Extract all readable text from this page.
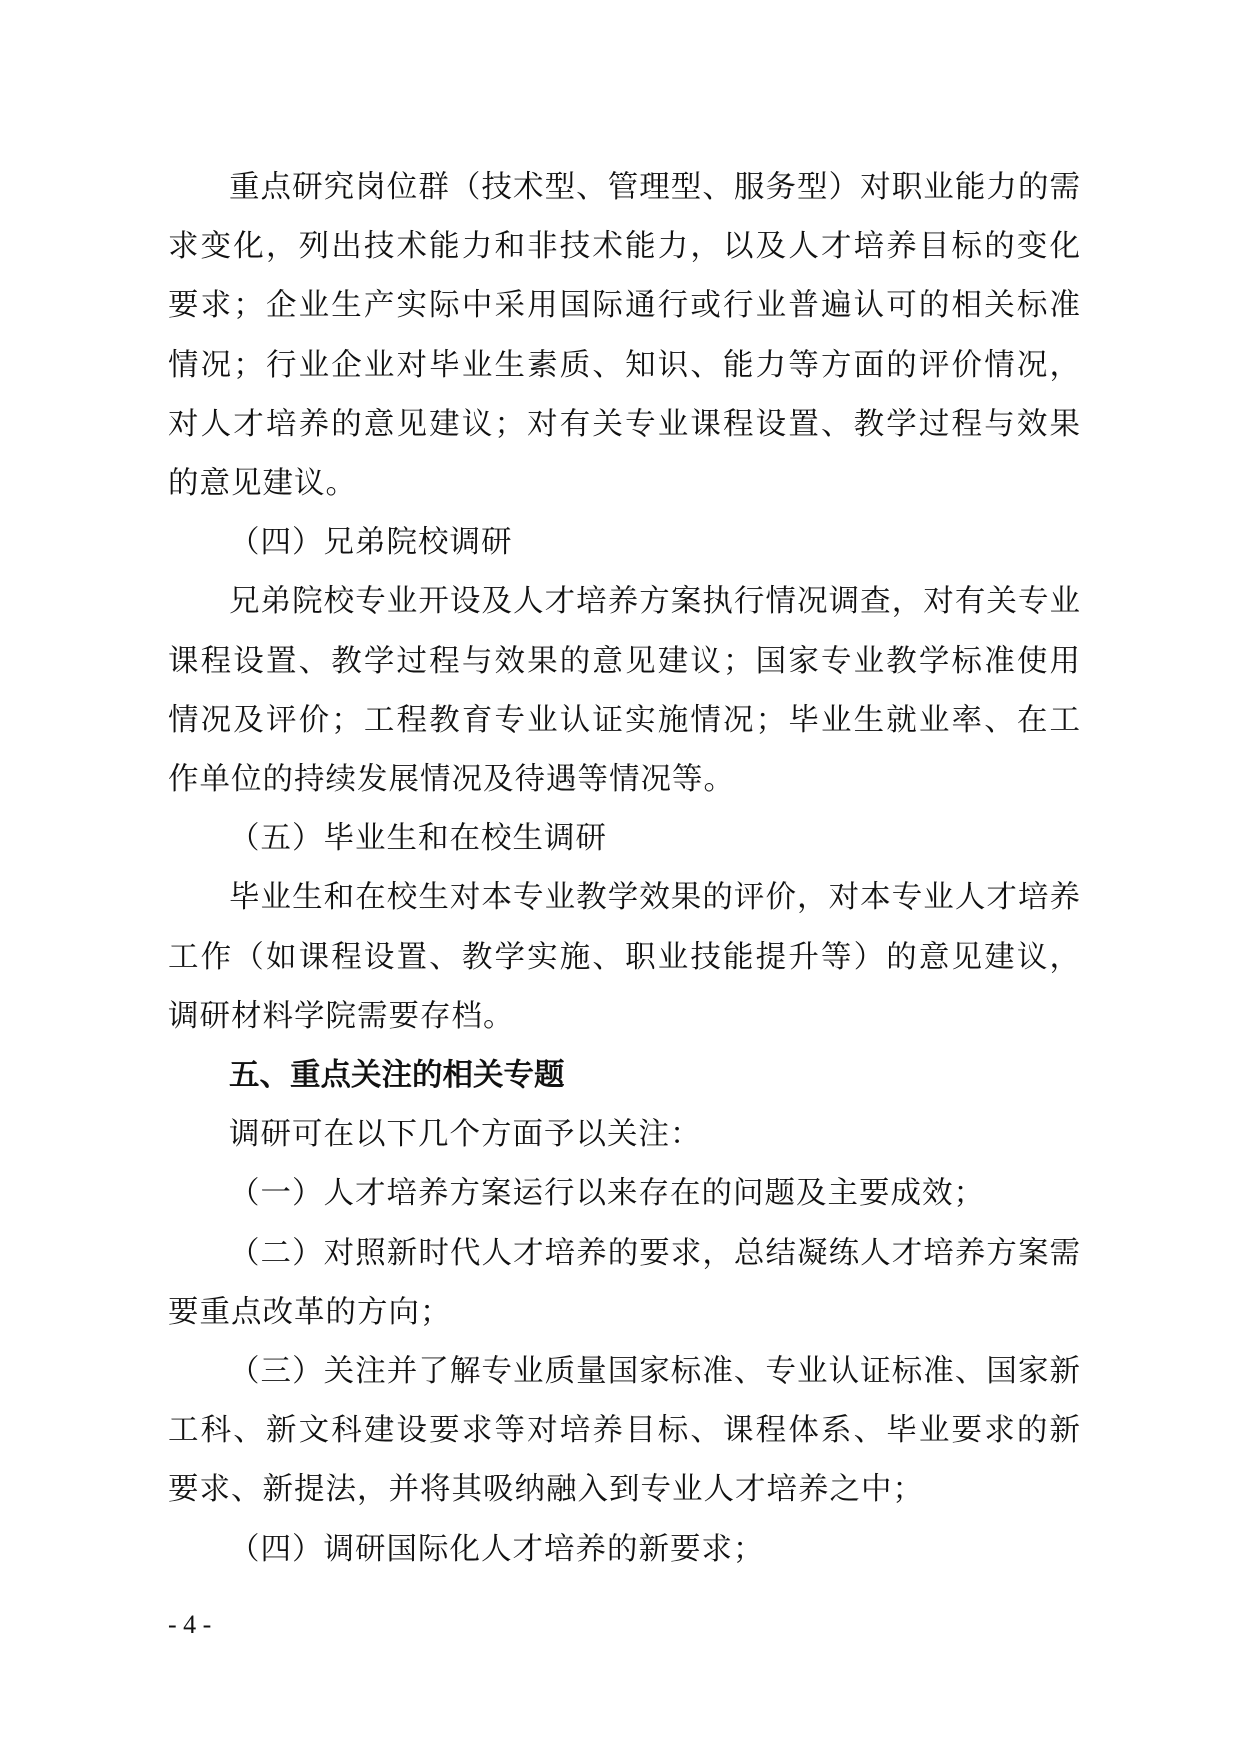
重点研究岗位群（技术型、管理型、服务型）对职业能力的需求变化，列出技术能力和非技术能力，以及人才培养目标的变化要求；企业生产实际中采用国际通行或行业普遍认可的相关标准情况；行业企业对毕业生素质、知识、能力等方面的评价情况，对人才培养的意见建议；对有关专业课程设置、教学过程与效果的意见建议。

（四）兄弟院校调研

兄弟院校专业开设及人才培养方案执行情况调查，对有关专业课程设置、教学过程与效果的意见建议；国家专业教学标准使用情况及评价；工程教育专业认证实施情况；毕业生就业率、在工作单位的持续发展情况及待遇等情况等。

（五）毕业生和在校生调研

毕业生和在校生对本专业教学效果的评价，对本专业人才培养工作（如课程设置、教学实施、职业技能提升等）的意见建议，调研材料学院需要存档。

五、重点关注的相关专题

调研可在以下几个方面予以关注：

（一）人才培养方案运行以来存在的问题及主要成效；

（二）对照新时代人才培养的要求，总结凝练人才培养方案需要重点改革的方向；

（三）关注并了解专业质量国家标准、专业认证标准、国家新工科、新文科建设要求等对培养目标、课程体系、毕业要求的新要求、新提法，并将其吸纳融入到专业人才培养之中；

（四）调研国际化人才培养的新要求；

- 4 -
